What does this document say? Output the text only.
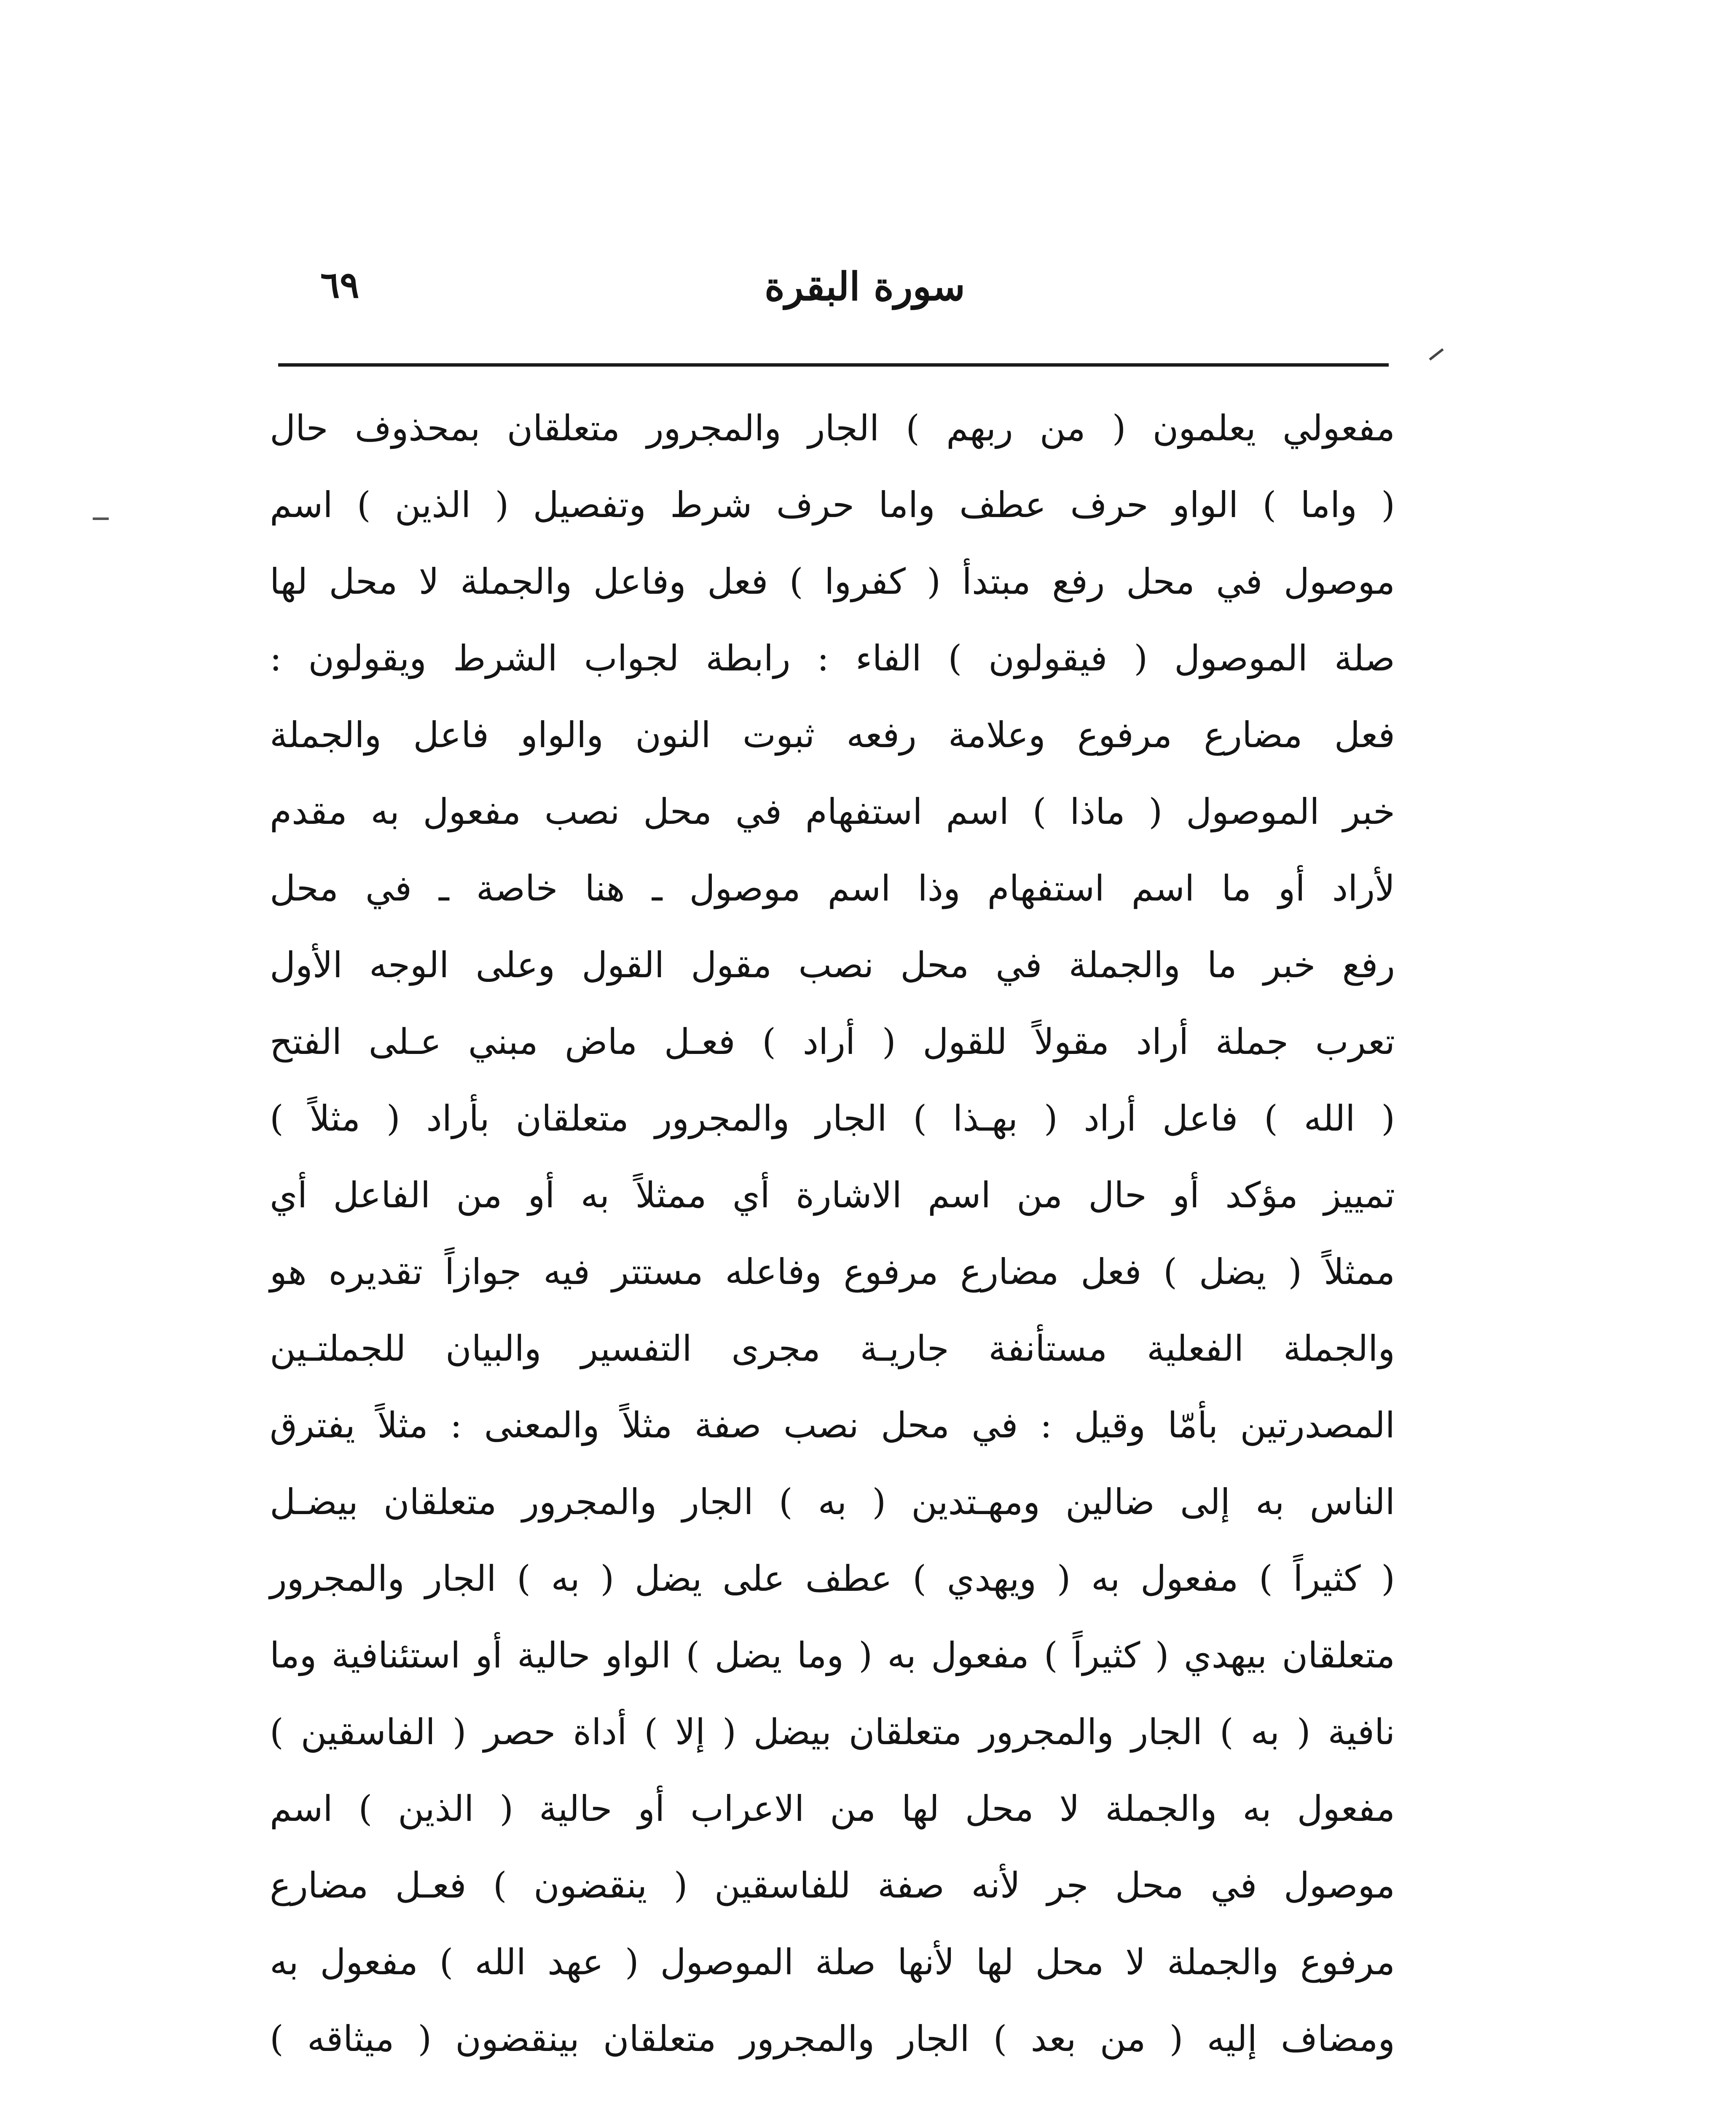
سورة البقرة
٦٩
مفعولي يعلمون ( من ربهم ) الجار والمجرور متعلقان بمحذوف حال
( واما ) الواو حرف عطف واما حرف شرط وتفصيل ( الذين ) اسم
موصول في محل رفع مبتدأ ( كفروا ) فعل وفاعل والجملة لا محل لها
صلة الموصول ( فيقولون ) الفاء : رابطة لجواب الشرط ويقولون :
فعل مضارع مرفوع وعلامة رفعه ثبوت النون والواو فاعل والجملة
خبر الموصول ( ماذا ) اسم استفهام في محل نصب مفعول به مقدم
لأراد أو ما اسم استفهام وذا اسم موصول ـ هنا خاصة ـ في محل
رفع خبر ما والجملة في محل نصب مقول القول وعلى الوجه الأول
تعرب جملة أراد مقولاً للقول ( أراد ) فعـل ماض مبني عـلى الفتح
( الله ) فاعل أراد ( بهـذا ) الجار والمجرور متعلقان بأراد ( مثلاً )
تمييز مؤكد أو حال من اسم الاشارة أي ممثلاً به أو من الفاعل أي
ممثلاً ( يضل ) فعل مضارع مرفوع وفاعله مستتر فيه جوازاً تقديره هو
والجملة الفعلية مستأنفة جاريـة مجرى التفسير والبيان للجملتـين
المصدرتين بأمّا وقيل : في محل نصب صفة مثلاً والمعنى : مثلاً يفترق
الناس به إلى ضالين ومهـتدين ( به ) الجار والمجرور متعلقان بيضـل
( كثيراً ) مفعول به ( ويهدي ) عطف على يضل ( به ) الجار والمجرور
متعلقان بيهدي ( كثيراً ) مفعول به ( وما يضل ) الواو حالية أو استئنافية وما
نافية ( به ) الجار والمجرور متعلقان بيضل ( إلا ) أداة حصر ( الفاسقين )
مفعول به والجملة لا محل لها من الاعراب أو حالية ( الذين ) اسم
موصول في محل جر لأنه صفة للفاسقين ( ينقضون ) فعـل مضارع
مرفوع والجملة لا محل لها لأنها صلة الموصول ( عهد الله ) مفعول به
ومضاف إليه ( من بعد ) الجار والمجرور متعلقان بينقضون ( ميثاقه )
